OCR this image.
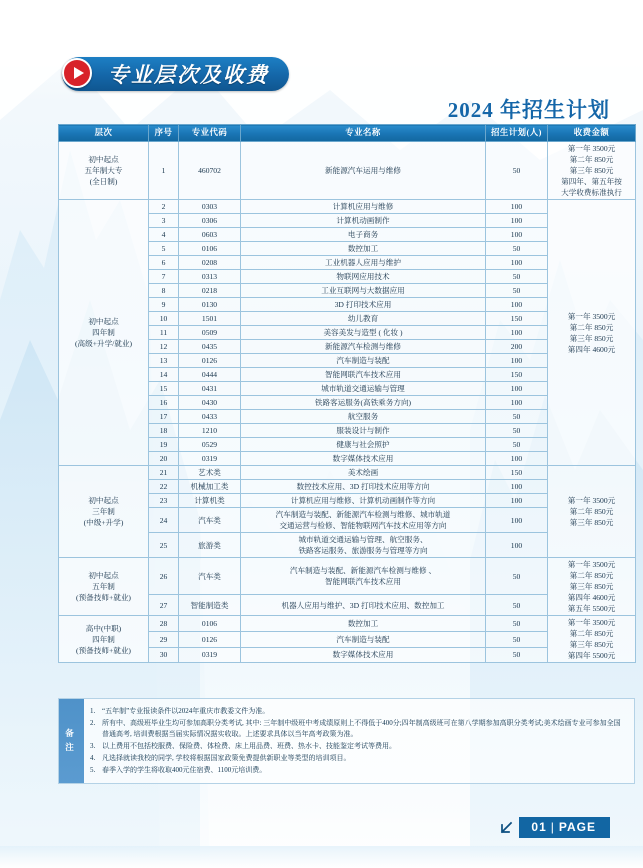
专业层次及收费
2024 年招生计划
层次	序号	专业代码	专业名称	招生计划(人)	收费金额
初中起点
五年制大专
(全日制)	1	460702	新能源汽车运用与维修	50	第一年 3500元
第二年 850元
第三年 850元
第四年、第五年按
大学收费标准执行
初中起点
四年制
(高级+升学/就业)	2	0303	计算机应用与维修	100	第一年 3500元
第二年 850元
第三年 850元
第四年 4600元
	3	0306	计算机动画制作	100	
	4	0603	电子商务	100	
	5	0106	数控加工	50	
	6	0208	工业机器人应用与维护	100	
	7	0313	物联网应用技术	50	
	8	0218	工业互联网与大数据应用	50	
	9	0130	3D 打印技术应用	100	
	10	1501	幼儿教育	150	
	11	0509	美容美发与造型 ( 化妆 )	100	
	12	0435	新能源汽车检测与维修	200	
	13	0126	汽车制造与装配	100	
	14	0444	智能网联汽车技术应用	150	
	15	0431	城市轨道交通运输与管理	100	
	16	0430	铁路客运服务(高铁乘务方向)	100	
	17	0433	航空服务	50	
	18	1210	服装设计与制作	50	
	19	0529	健康与社会照护	50	
	20	0319	数字媒体技术应用	100	
初中起点
三年制
(中级+升学)	21	艺术类	美术绘画	150	第一年 3500元
第二年 850元
第三年 850元
	22	机械加工类	数控技术应用、3D 打印技术应用等方向	100	
	23	计算机类	计算机应用与维修、计算机动画制作等方向	100	
	24	汽车类	汽车制造与装配、新能源汽车检测与维修、城市轨道
交通运营与检修、智能物联网汽车技术应用等方向	100	
	25	旅游类	城市轨道交通运输与管理、航空服务、
铁路客运服务、旅游服务与管理等方向	100	
初中起点
五年制
(预备技师+就业)	26	汽车类	汽车制造与装配、新能源汽车检测与维修 、
智能网联汽车技术应用	50	第一年 3500元
第二年 850元
第三年 850元
第四年 4600元
第五年 5500元
	27	智能制造类	机器人应用与维护、3D 打印技术应用、数控加工	50	
高中(中职)
四年制
(预备技师+就业)	28	0106	数控加工	50	第一年 3500元
第二年 850元
第三年 850元
第四年 5500元
	29	0126	汽车制造与装配	50	
	30	0319	数字媒体技术应用	50	
备
注
1. “五年制”专业报读条件以2024年重庆市教委文件为准。
2. 所有中、高级班毕业生均可参加高职分类考试, 其中: 三年制中级班中考成绩原则上不得低于400分;四年制高级班可在第八学期参加高职分类考试;美术绘画专业可参加全国普通高考, 培训费根据当届实际情况据实收取。上述要求具体以当年高考政策为准。
3. 以上费用不包括校服费、保险费、体检费、床上用品费、班费、热水卡、技能鉴定考试等费用。
4. 凡选择就读我校的同学, 学校将根据国家政策免费提供新职业等类型的培训项目。
5. 春季入学的学生将收取400元住宿费、1100元培训费。
01 | PAGE
